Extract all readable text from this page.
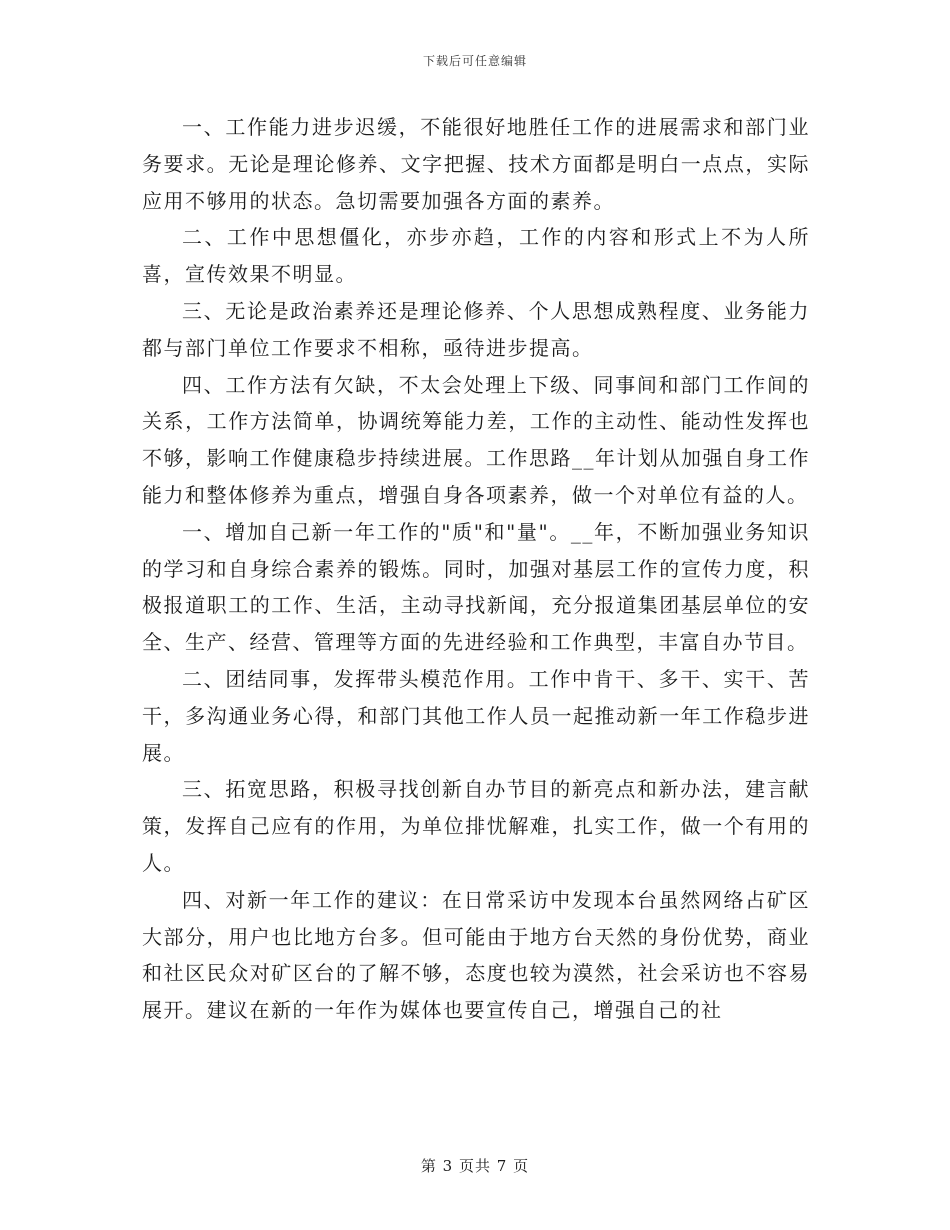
下载后可任意编辑

一、工作能力进步迟缓，不能很好地胜任工作的进展需求和部门业务要求。无论是理论修养、文字把握、技术方面都是明白一点点，实际应用不够用的状态。急切需要加强各方面的素养。

二、工作中思想僵化，亦步亦趋，工作的内容和形式上不为人所喜，宣传效果不明显。

三、无论是政治素养还是理论修养、个人思想成熟程度、业务能力都与部门单位工作要求不相称，亟待进步提高。

四、工作方法有欠缺，不太会处理上下级、同事间和部门工作间的关系，工作方法简单，协调统筹能力差，工作的主动性、能动性发挥也不够，影响工作健康稳步持续进展。工作思路__年计划从加强自身工作能力和整体修养为重点，增强自身各项素养，做一个对单位有益的人。

一、增加自己新一年工作的"质"和"量"。__年，不断加强业务知识的学习和自身综合素养的锻炼。同时，加强对基层工作的宣传力度，积极报道职工的工作、生活，主动寻找新闻，充分报道集团基层单位的安全、生产、经营、管理等方面的先进经验和工作典型，丰富自办节目。

二、团结同事，发挥带头模范作用。工作中肯干、多干、实干、苦干，多沟通业务心得，和部门其他工作人员一起推动新一年工作稳步进展。

三、拓宽思路，积极寻找创新自办节目的新亮点和新办法，建言献策，发挥自己应有的作用，为单位排忧解难，扎实工作，做一个有用的人。

四、对新一年工作的建议：在日常采访中发现本台虽然网络占矿区大部分，用户也比地方台多。但可能由于地方台天然的身份优势，商业和社区民众对矿区台的了解不够，态度也较为漠然，社会采访也不容易展开。建议在新的一年作为媒体也要宣传自己，增强自己的社

第 3 页共 7 页
